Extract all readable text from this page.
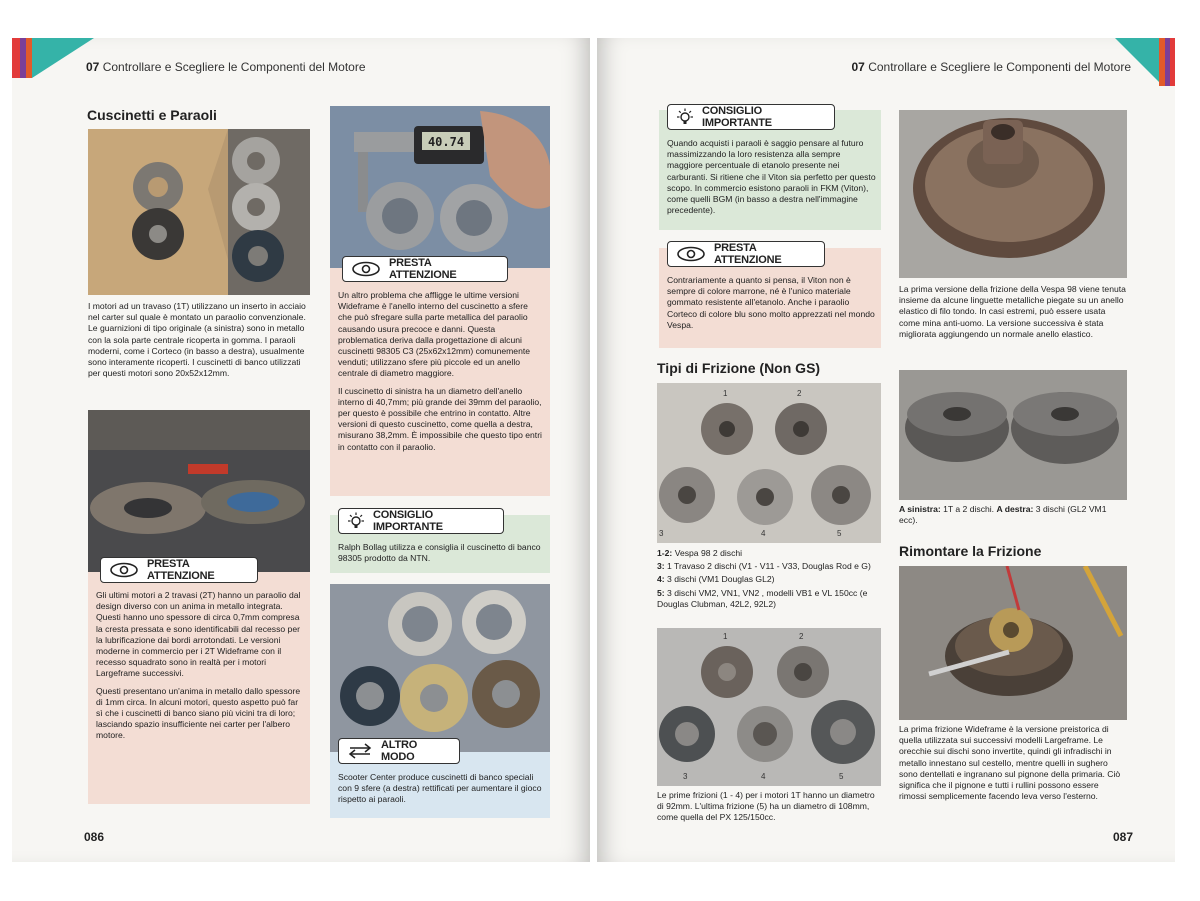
07 Controllare e Scegliere le Componenti del Motore
Cuscinetti e Paraoli
I motori ad un travaso (1T) utilizzano un inserto in acciaio nel carter sul quale è montato un paraolio convenzionale. Le guarnizioni di tipo originale (a sinistra) sono in metallo con la sola parte centrale ricoperta in gomma. I paraoli moderni, come i Corteco (in basso a destra), usualmente sono interamente ricoperti. I cuscinetti di banco utilizzati per questi motori sono 20x52x12mm.
PRESTA ATTENZIONE

Gli ultimi motori a 2 travasi (2T) hanno un paraolio dal design diverso con un anima in metallo integrata. Questi hanno uno spessore di circa 0,7mm compresa la cresta pressata e sono identificabili dal recesso per la lubrificazione dai bordi arrotondati. Le versioni moderne in commercio per i 2T Wideframe con il recesso squadrato sono in realtà per i motori Largeframe successivi.

Questi presentano un'anima in metallo dallo spessore di 1mm circa. In alcuni motori, questo aspetto può far sì che i cuscinetti di banco siano più vicini tra di loro; lasciando spazio insufficiente nei carter per l'albero motore.

40.74
PRESTA ATTENZIONE

Un altro problema che affligge le ultime versioni Wideframe è l'anello interno del cuscinetto a sfere che può sfregare sulla parte metallica del paraolio causando usura precoce e danni. Questa problematica deriva dalla progettazione di alcuni cuscinetti 98305 C3 (25x62x12mm) comunemente venduti; utilizzano sfere più piccole ed un anello centrale di diametro maggiore.

Il cuscinetto di sinistra ha un diametro dell'anello interno di 40,7mm; più grande dei 39mm del paraolio, per questo è possibile che entrino in contatto. Altre versioni di questo cuscinetto, come quella a destra, misurano 38,2mm. È impossibile che questo tipo entri in contatto con il paraolio.

CONSIGLIO IMPORTANTE
Ralph Bollag utilizza e consiglia il cuscinetto di banco 98305 prodotto da NTN.
ALTRO MODO
Scooter Center produce cuscinetti di banco speciali con 9 sfere (a destra) rettificati per aumentare il gioco rispetto ai paraoli.
086
07 Controllare e Scegliere le Componenti del Motore
CONSIGLIO IMPORTANTE
Quando acquisti i paraoli è saggio pensare al futuro massimizzando la loro resistenza alla sempre maggiore percentuale di etanolo presente nei carburanti. Si ritiene che il Viton sia perfetto per questo scopo. In commercio esistono paraoli in FKM (Viton), come quelli BGM (in basso a destra nell'immagine precedente).
PRESTA ATTENZIONE
Contrariamente a quanto si pensa, il Viton non è sempre di colore marrone, né è l'unico materiale gommato resistente all'etanolo. Anche i paraolio Corteco di colore blu sono molto apprezzati nel mondo Vespa.
Tipi di Frizione (Non GS)
1	2
3	4	5
1-2: Vespa 98 2 dischi
3: 1 Travaso 2 dischi (V1 - V11 - V33, Douglas Rod e G)
4: 3 dischi (VM1 Douglas GL2)
5: 3 dischi VM2, VN1, VN2 , modelli VB1 e VL 150cc (e Douglas Clubman, 42L2, 92L2)
1	2
3	4	5
Le prime frizioni (1 - 4) per i motori 1T hanno un diametro di 92mm. L'ultima frizione (5) ha un diametro di 108mm, come quella del PX 125/150cc.
La prima versione della frizione della Vespa 98 viene tenuta insieme da alcune linguette metalliche piegate su un anello elastico di filo tondo. In casi estremi, può essere usata come mina anti-uomo. La versione successiva è stata migliorata aggiungendo un normale anello elastico.
A sinistra: 1T a 2 dischi. A destra: 3 dischi (GL2 VM1 ecc).
Rimontare la Frizione
La prima frizione Wideframe è la versione preistorica di quella utilizzata sui successivi modelli Largeframe. Le orecchie sui dischi sono invertite, quindi gli infradischi in metallo innestano sul cestello, mentre quelli in sughero sono dentellati e ingranano sul pignone della primaria. Ciò significa che il pignone e tutti i rullini possono essere rimossi semplicemente facendo leva verso l'esterno.
087
